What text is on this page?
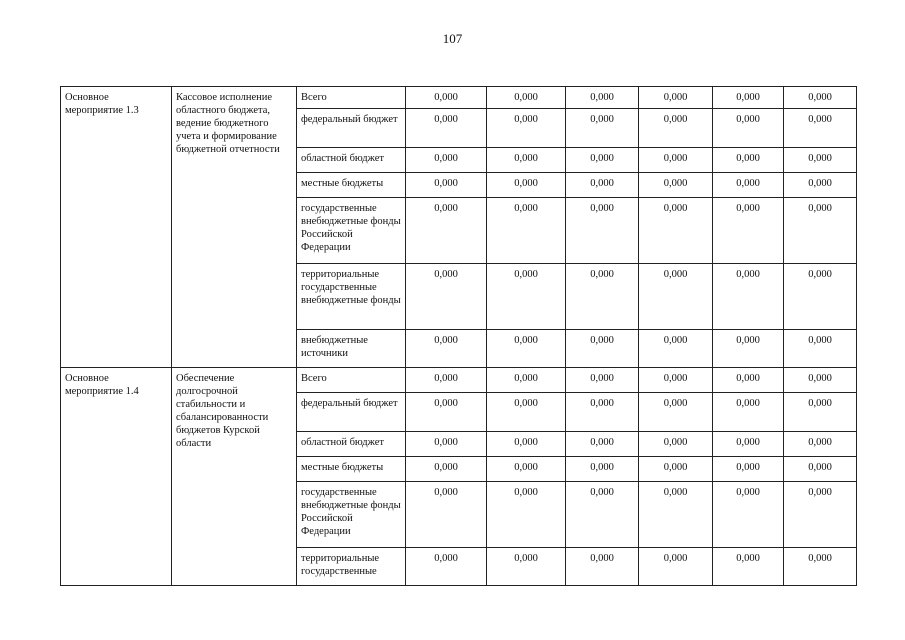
107
Основное мероприятие 1.3	Кассовое исполнение областного бюджета, ведение бюджетного учета и формирование бюджетной отчетности	Всего	0,000	0,000	0,000	0,000	0,000	0,000
		федеральный бюджет	0,000	0,000	0,000	0,000	0,000	0,000
		областной бюджет	0,000	0,000	0,000	0,000	0,000	0,000
		местные бюджеты	0,000	0,000	0,000	0,000	0,000	0,000
		государственные внебюджетные фонды Российской Федерации	0,000	0,000	0,000	0,000	0,000	0,000
		территориальные государственные внебюджетные фонды	0,000	0,000	0,000	0,000	0,000	0,000
		внебюджетные источники	0,000	0,000	0,000	0,000	0,000	0,000
Основное мероприятие 1.4	Обеспечение долгосрочной стабильности и сбалансированности бюджетов Курской области	Всего	0,000	0,000	0,000	0,000	0,000	0,000
		федеральный бюджет	0,000	0,000	0,000	0,000	0,000	0,000
		областной бюджет	0,000	0,000	0,000	0,000	0,000	0,000
		местные бюджеты	0,000	0,000	0,000	0,000	0,000	0,000
		государственные внебюджетные фонды Российской Федерации	0,000	0,000	0,000	0,000	0,000	0,000
		территориальные государственные	0,000	0,000	0,000	0,000	0,000	0,000
